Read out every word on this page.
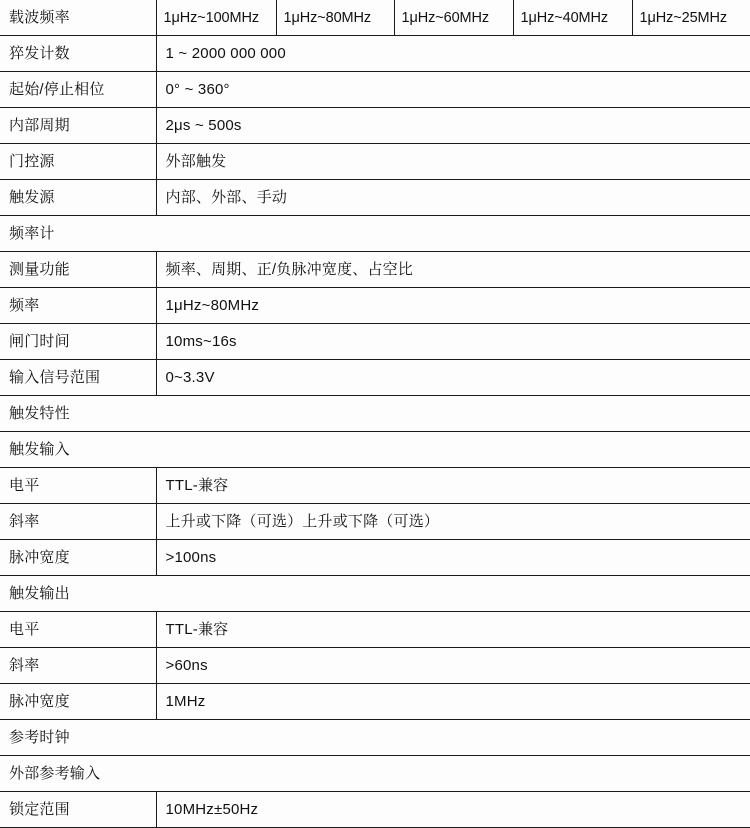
载波频率	1μHz~100MHz	1μHz~80MHz	1μHz~60MHz	1μHz~40MHz	1μHz~25MHz
猝发计数	1 ~ 2000 000 000				
起始/停止相位	0° ~ 360°				
内部周期	2μs ~ 500s				
门控源	外部触发				
触发源	内部、外部、手动				
频率计					
测量功能	频率、周期、正/负脉冲宽度、占空比				
频率	1μHz~80MHz				
闸门时间	10ms~16s				
输入信号范围	0~3.3V				
触发特性					
触发输入					
电平	TTL-兼容				
斜率	上升或下降（可选）上升或下降（可选）				
脉冲宽度	>100ns				
触发输出					
电平	TTL-兼容				
斜率	>60ns				
脉冲宽度	1MHz				
参考时钟					
外部参考输入					
锁定范围	10MHz±50Hz				
